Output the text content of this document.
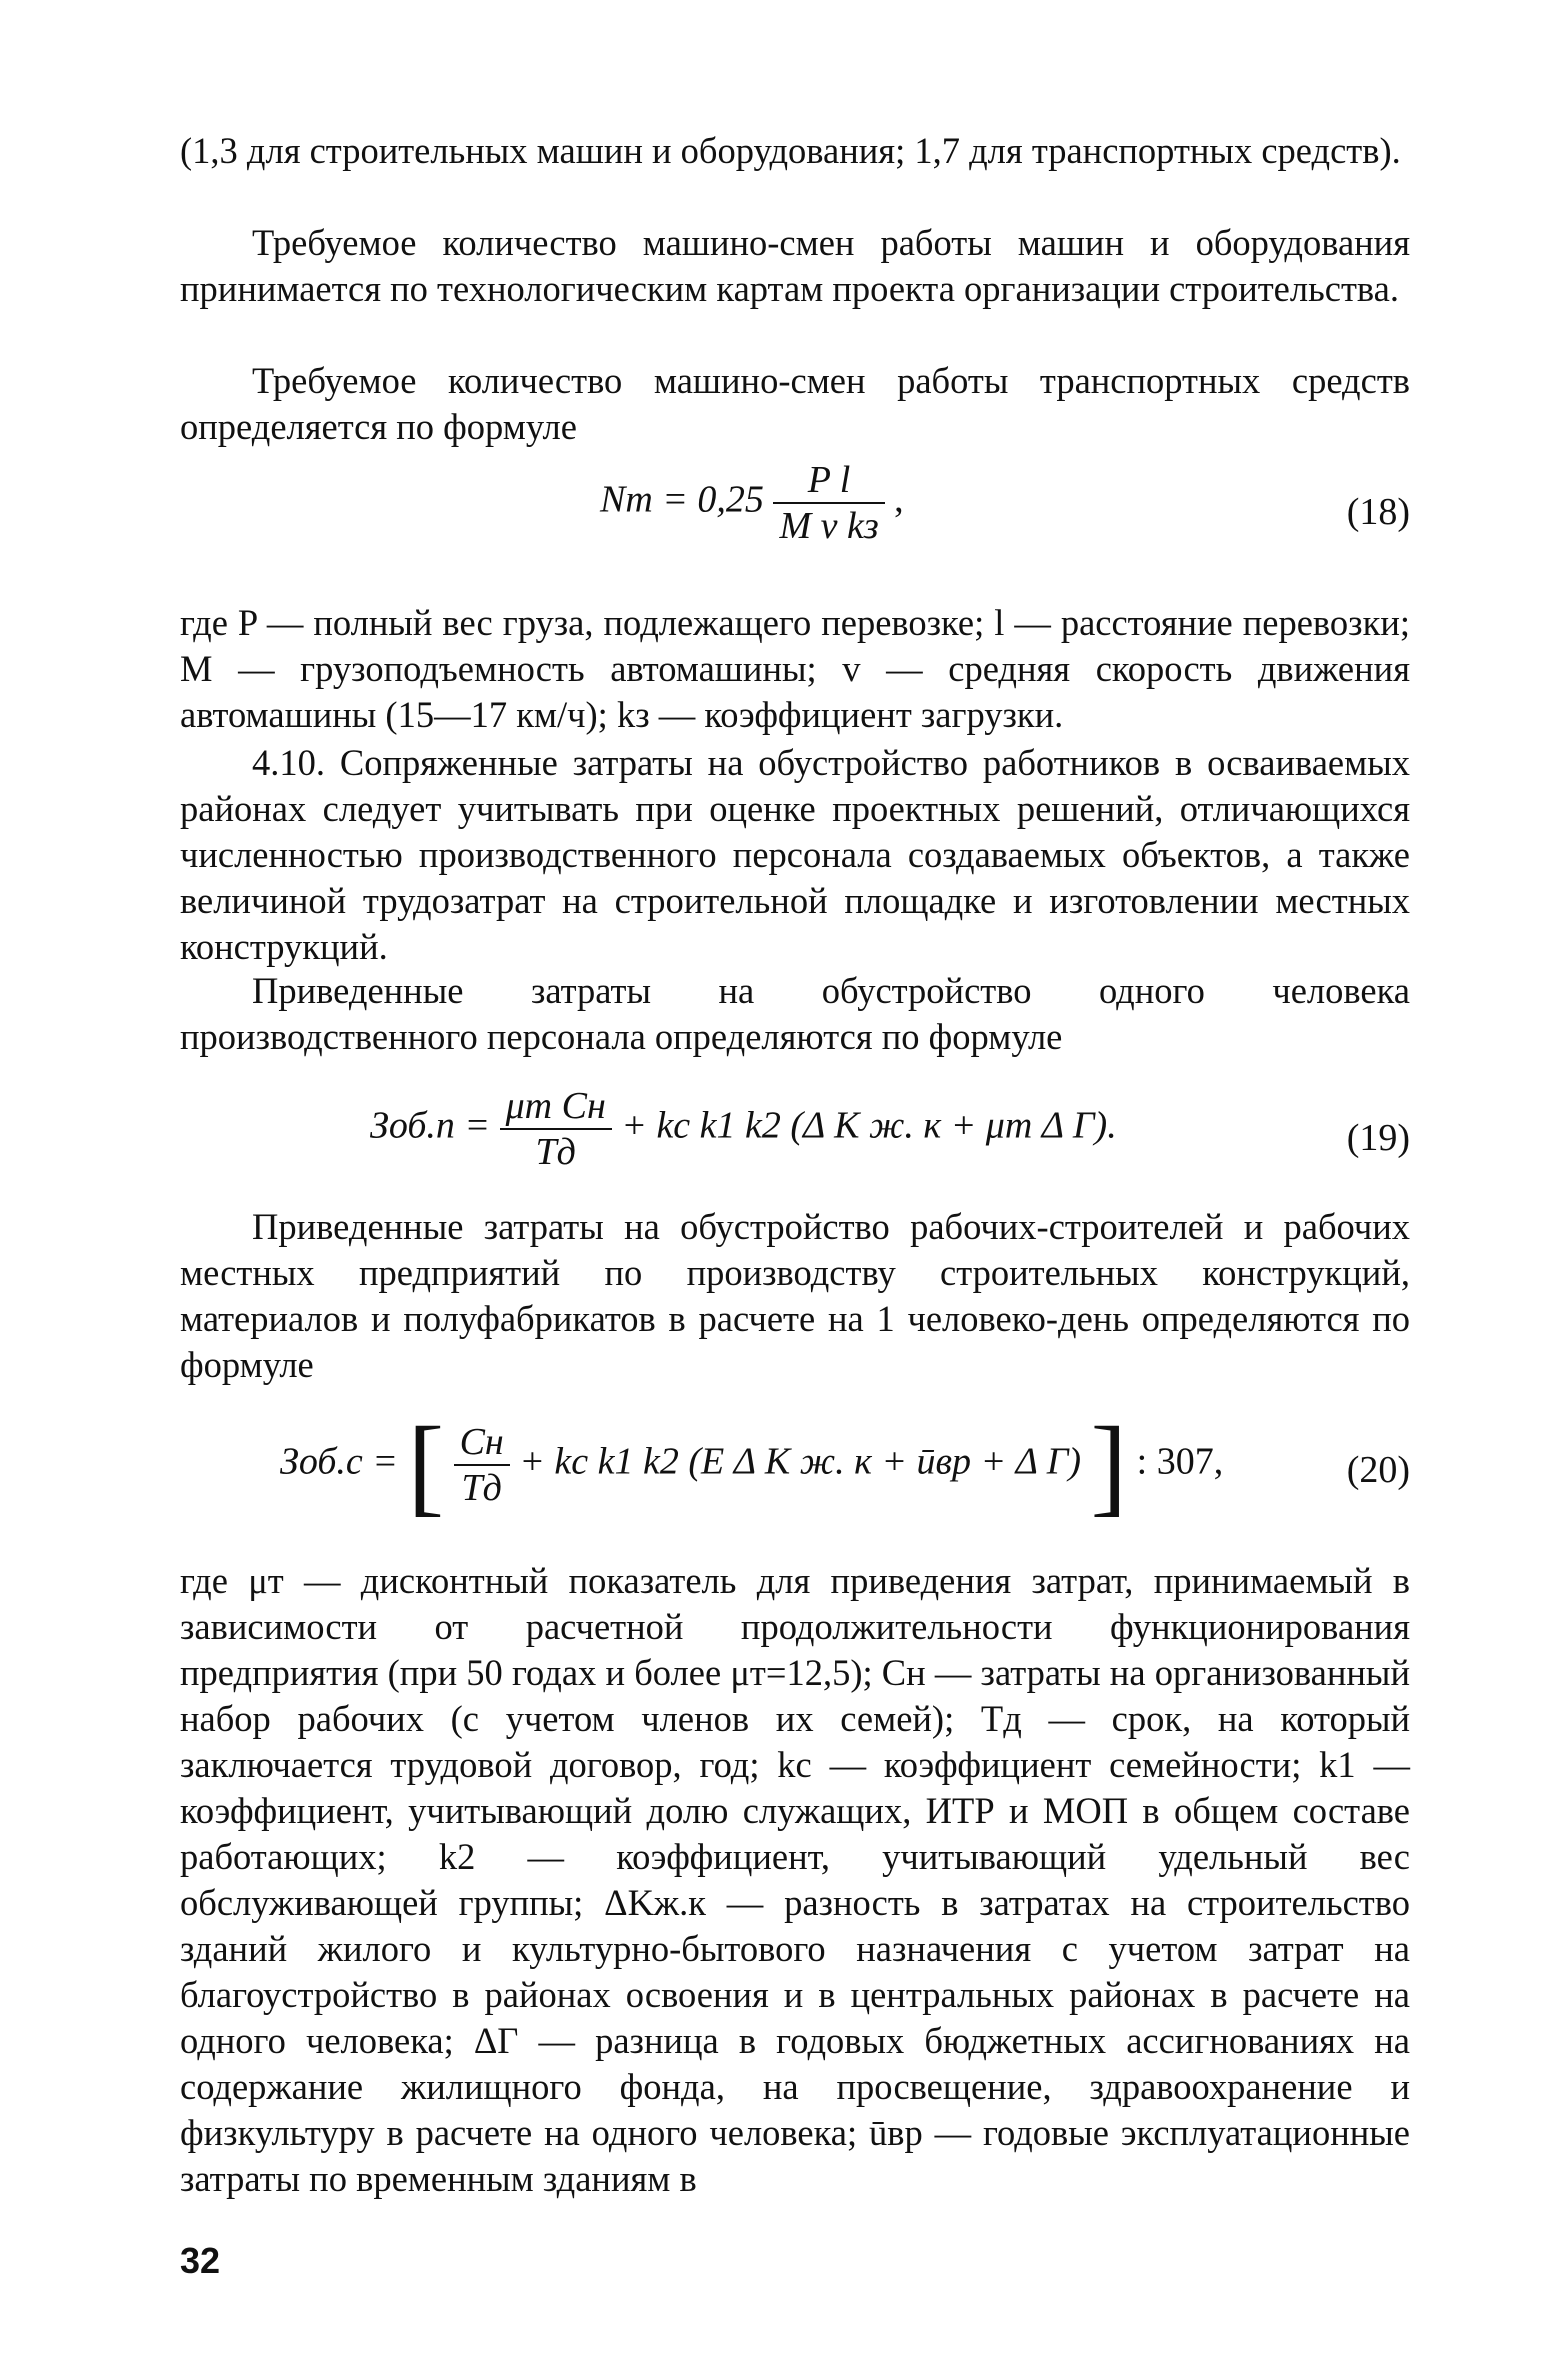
(1,3 для строительных машин и оборудования; 1,7 для транспортных средств).

Требуемое количество машино-смен работы машин и оборудования принимается по технологическим картам проекта организации строительства.

Требуемое количество машино-смен работы транспортных средств определяется по формуле

Nт = $0,25 \frac{\text{P l}}{\text{M v kз}}$ ,	(18)

где P — полный вес груза, подлежащего перевозке; l — расстояние перевозки; M — грузоподъемность автомашины; v — средняя скорость движения автомашины (15—17 км/ч); kз — коэффициент загрузки.

4.10. Сопряженные затраты на обустройство работников в осваиваемых районах следует учитывать при оценке проектных решений, отличающихся численностью производственного персонала создаваемых объектов, а также величиной трудозатрат на строительной площадке и изготовлении местных конструкций.

Приведенные затраты на обустройство одного человека производственного персонала определяются по формуле

$Зоб.п = \frac{\text{μт Cн}}{Tд}$ + kс k1 k2 (Δ K ж. к + μт Δ Г).	(19)

Приведенные затраты на обустройство рабочих-строителей и рабочих местных предприятий по производству строительных конструкций, материалов и полуфабрикатов в расчете на 1 человеко-день определяются по формуле

Зоб.с = [ $\frac{Cн}{Tд}$ + kс k1 k2 (E Δ K ж. к + ūвр + Δ Г) ] : 307,	(20)

где μт — дисконтный показатель для приведения затрат, принимаемый в зависимости от расчетной продолжительности функционирования предприятия (при 50 годах и более μт=12,5); Cн — затраты на организованный набор рабочих (с учетом членов их семей); Tд — срок, на который заключается трудовой договор, год; kс — коэффициент семейности; k1 — коэффициент, учитывающий долю служащих, ИТР и МОП в общем составе работающих; k2 — коэффициент, учитывающий удельный вес обслуживающей группы; ΔKж.к — разность в затратах на строительство зданий жилого и культурно-бытового назначения с учетом затрат на благоустройство в районах освоения и в центральных районах в расчете на одного человека; ΔГ — разница в годовых бюджетных ассигнованиях на содержание жилищного фонда, на просвещение, здравоохранение и физкультуру в расчете на одного человека; ūвр — годовые эксплуатационные затраты по временным зданиям в

32
